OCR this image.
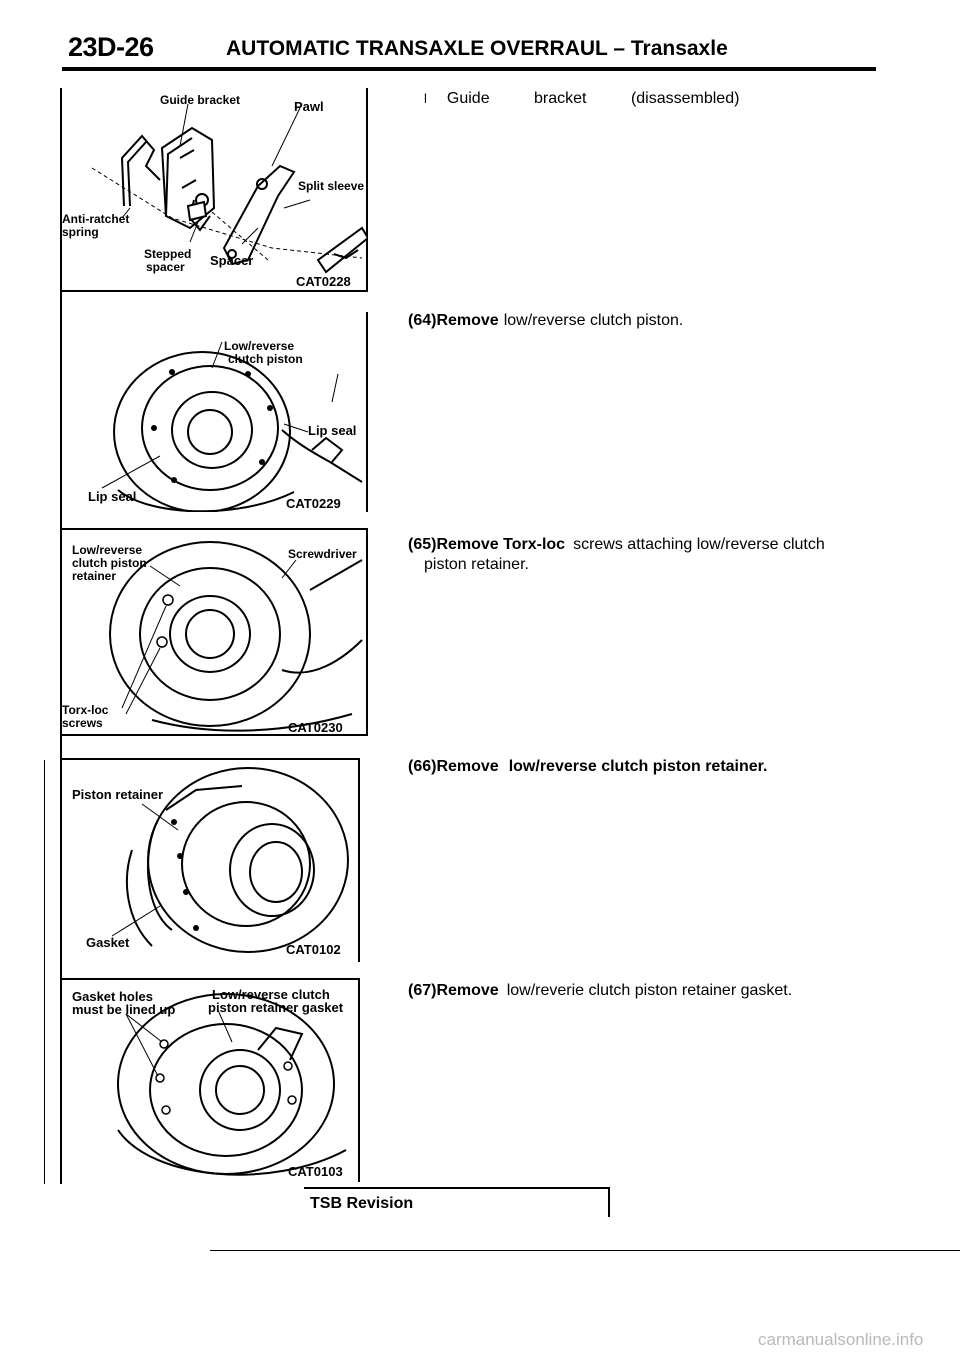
23D-26	AUTOMATIC TRANSAXLE OVERRAUL – Transaxle
Guide bracket	Pawl
Split sleeve
Anti-ratchet
spring
Stepped
spacer Spacer
CAT0228
Low/reverse
clutch piston
Lip seal
Lip seal	CAT0229
Low/reverse
clutch piston
retainer
Screwdriver
Torx-loc
screws	CAT0230
Piston retainer
Gasket	CAT0102
Gasket holes
must be lined up
Low/reverse clutch
piston retainer gasket
CAT0103
l Guide bracket (disassembled)
(64)Remove low/reverse clutch piston.
(65)Remove Torx-loc screws attaching low/reverse clutch
piston retainer.
(66)Remove low/reverse clutch piston retainer.
(67)Remove low/reverie clutch piston retainer gasket.
TSB Revision
carmanualsonline.info
